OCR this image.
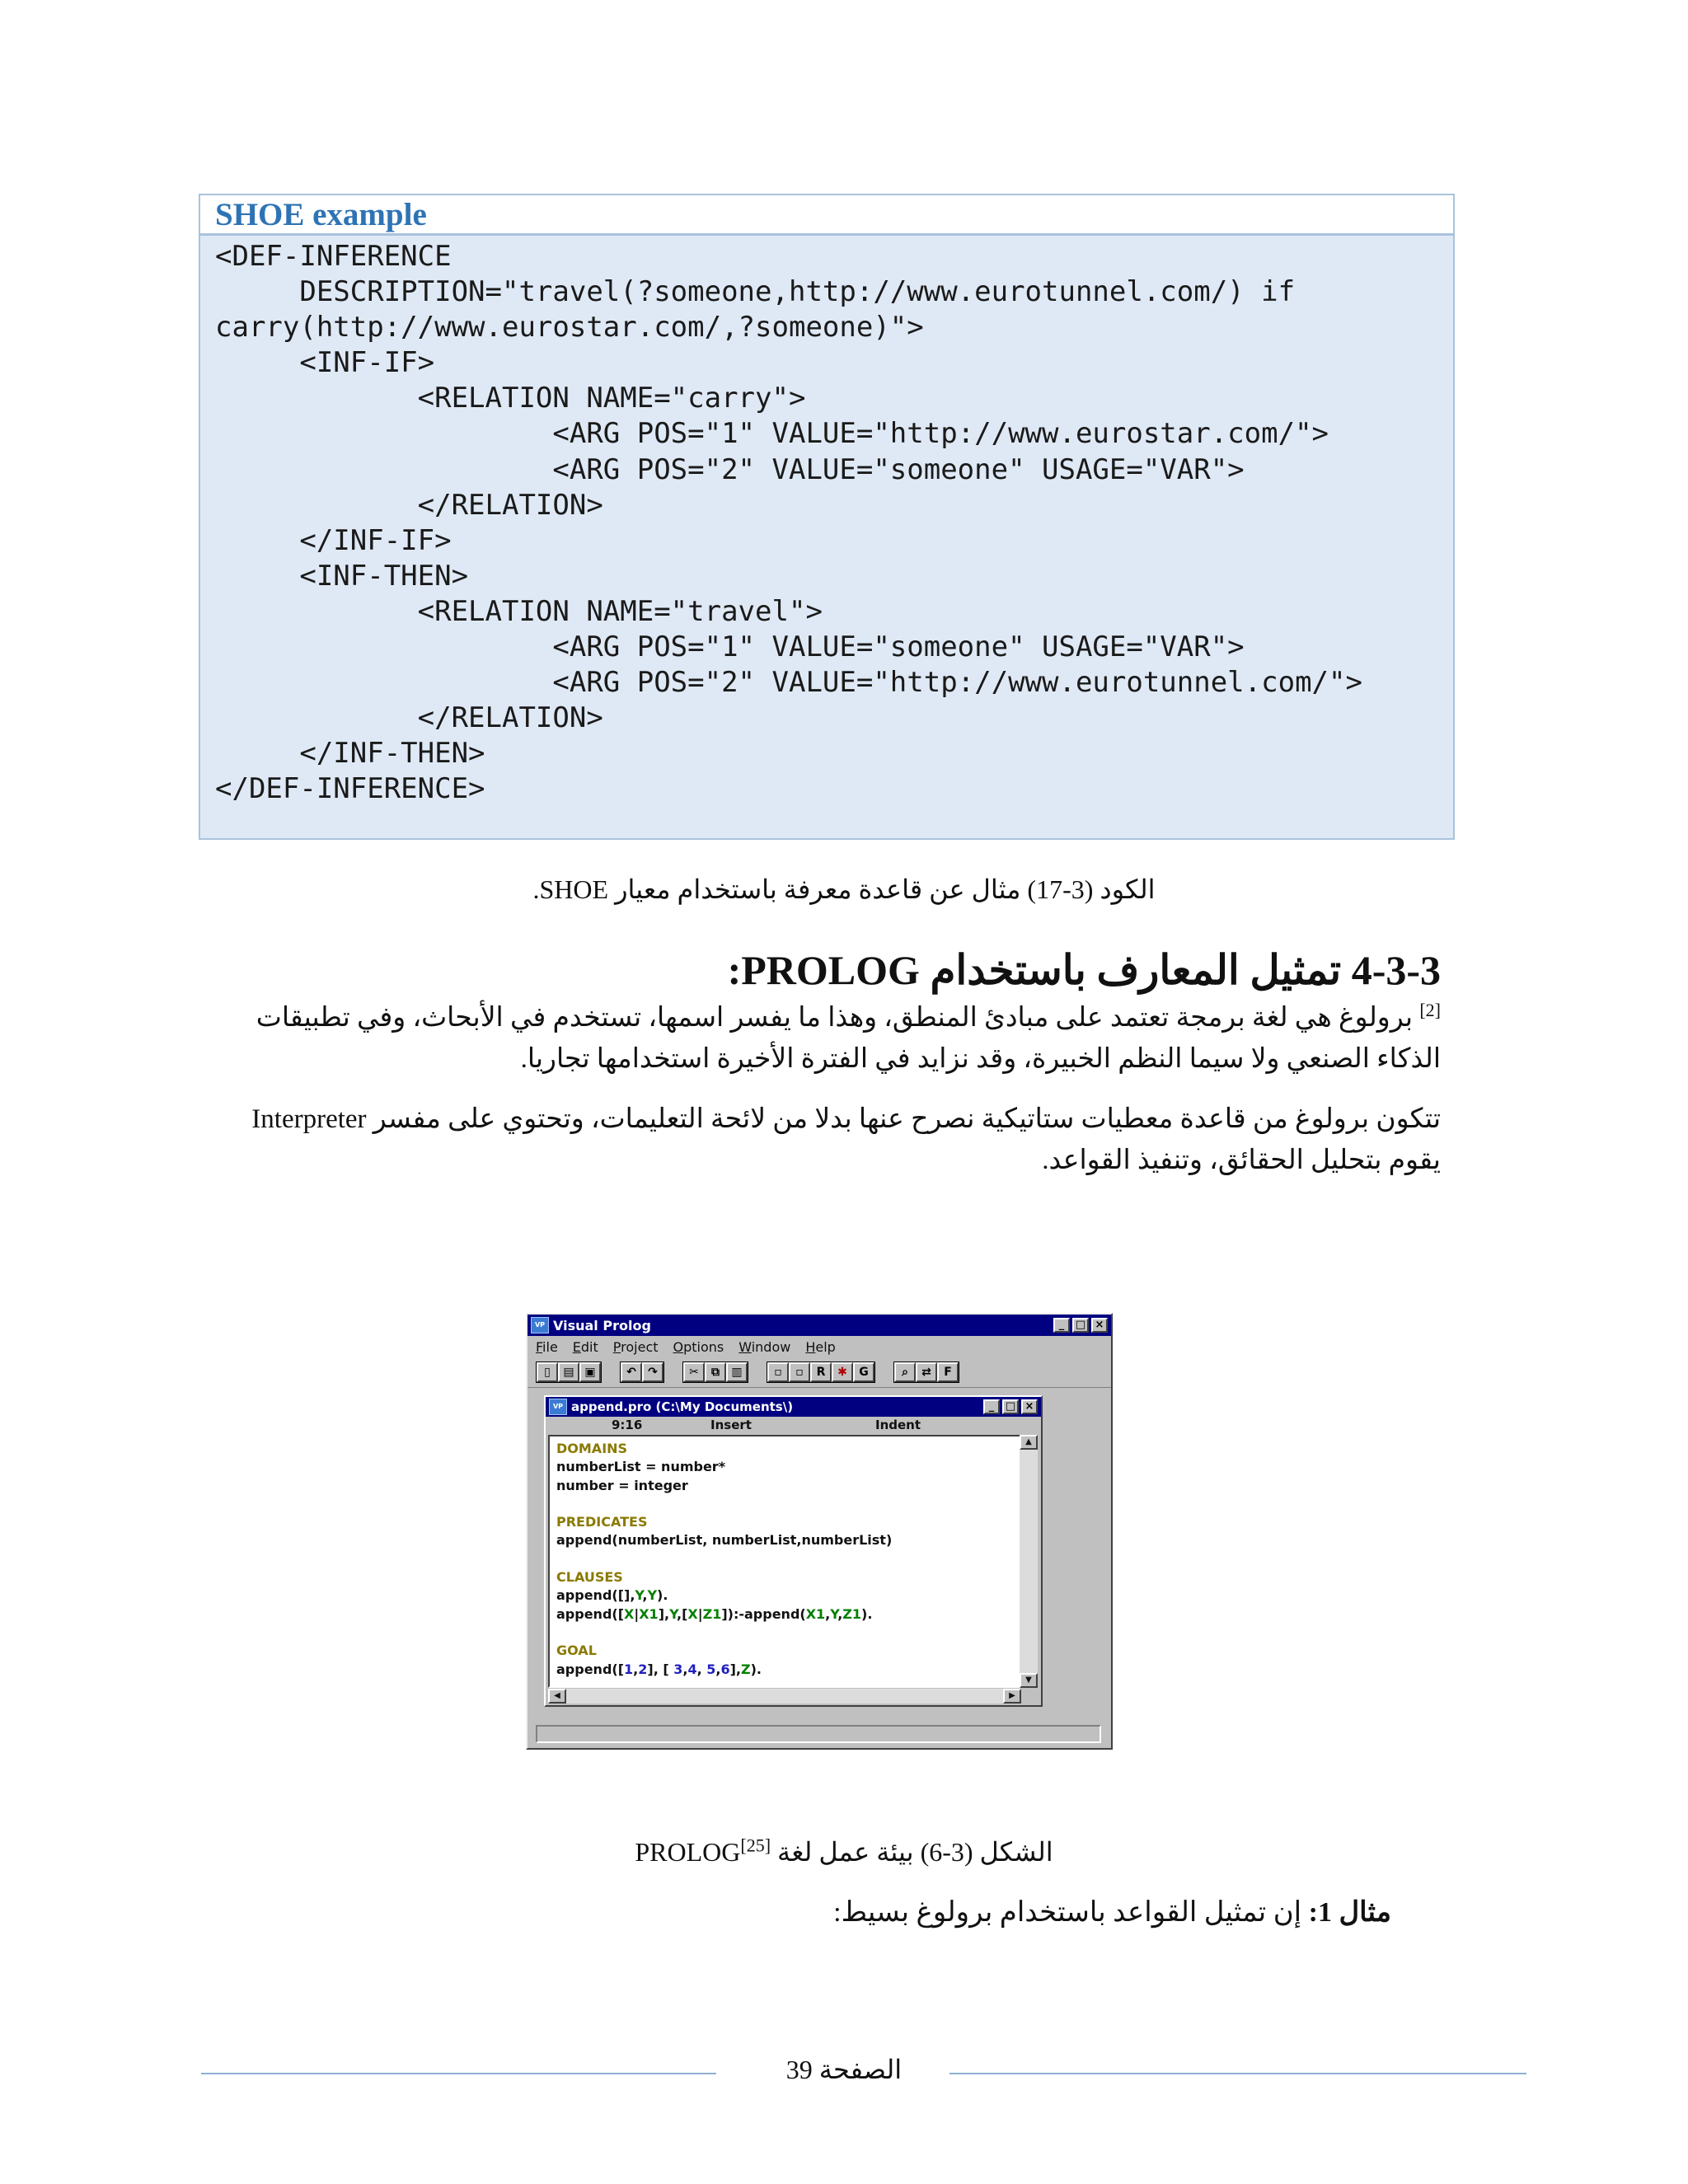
SHOE example
<DEF-INFERENCE
DESCRIPTION="travel(?someone,http://www.eurotunnel.com/) if
carry(http://www.eurostar.com/,?someone)">
<INF-IF>
<RELATION NAME="carry">
<ARG POS="1" VALUE="http://www.eurostar.com/">
<ARG POS="2" VALUE="someone" USAGE="VAR">
</RELATION>
</INF-IF>
<INF-THEN>
<RELATION NAME="travel">
<ARG POS="1" VALUE="someone" USAGE="VAR">
<ARG POS="2" VALUE="http://www.eurotunnel.com/">
</RELATION>
</INF-THEN>
</DEF-INFERENCE>
الكود (3-17) مثال عن قاعدة معرفة باستخدام معيار SHOE.
4-3-3 تمثيل المعارف باستخدام PROLOG:
[2] برولوغ هي لغة برمجة تعتمد على مبادئ المنطق، وهذا ما يفسر اسمها، تستخدم في الأبحاث، وفي تطبيقات الذكاء الصنعي ولا سيما النظم الخبيرة، وقد نزايد في الفترة الأخيرة استخدامها تجاريا.
تتكون برولوغ من قاعدة معطيات ستاتيكية نصرح عنها بدلا من لائحة التعليمات، وتحتوي على مفسر Interpreter يقوم بتحليل الحقائق، وتنفيذ القواعد.
VP Visual Prolog	_	□ ×
File Edit Project Options Window Help
▯	▤ ▣	↶	↷	✂	⧉	▥	▫	▫	R	✱	G	⌕	⇄	F
VP append.pro (C:\My Documents\)	_	□ ×
9:16	Insert	Indent
DOMAINS
numberList = number*
number = integer

PREDICATES
append(numberList, numberList,numberList)

CLAUSES
append([],Y,Y).
append([X|X1],Y,[X|Z1]):-append(X1,Y,Z1).

GOAL
append([1,2], [ 3,4, 5,6],Z).
▲
▼
◀	▶
الشكل (3-6) بيئة عمل لغة PROLOG[25]
مثال 1: إن تمثيل القواعد باستخدام برولوغ بسيط:
الصفحة 39
